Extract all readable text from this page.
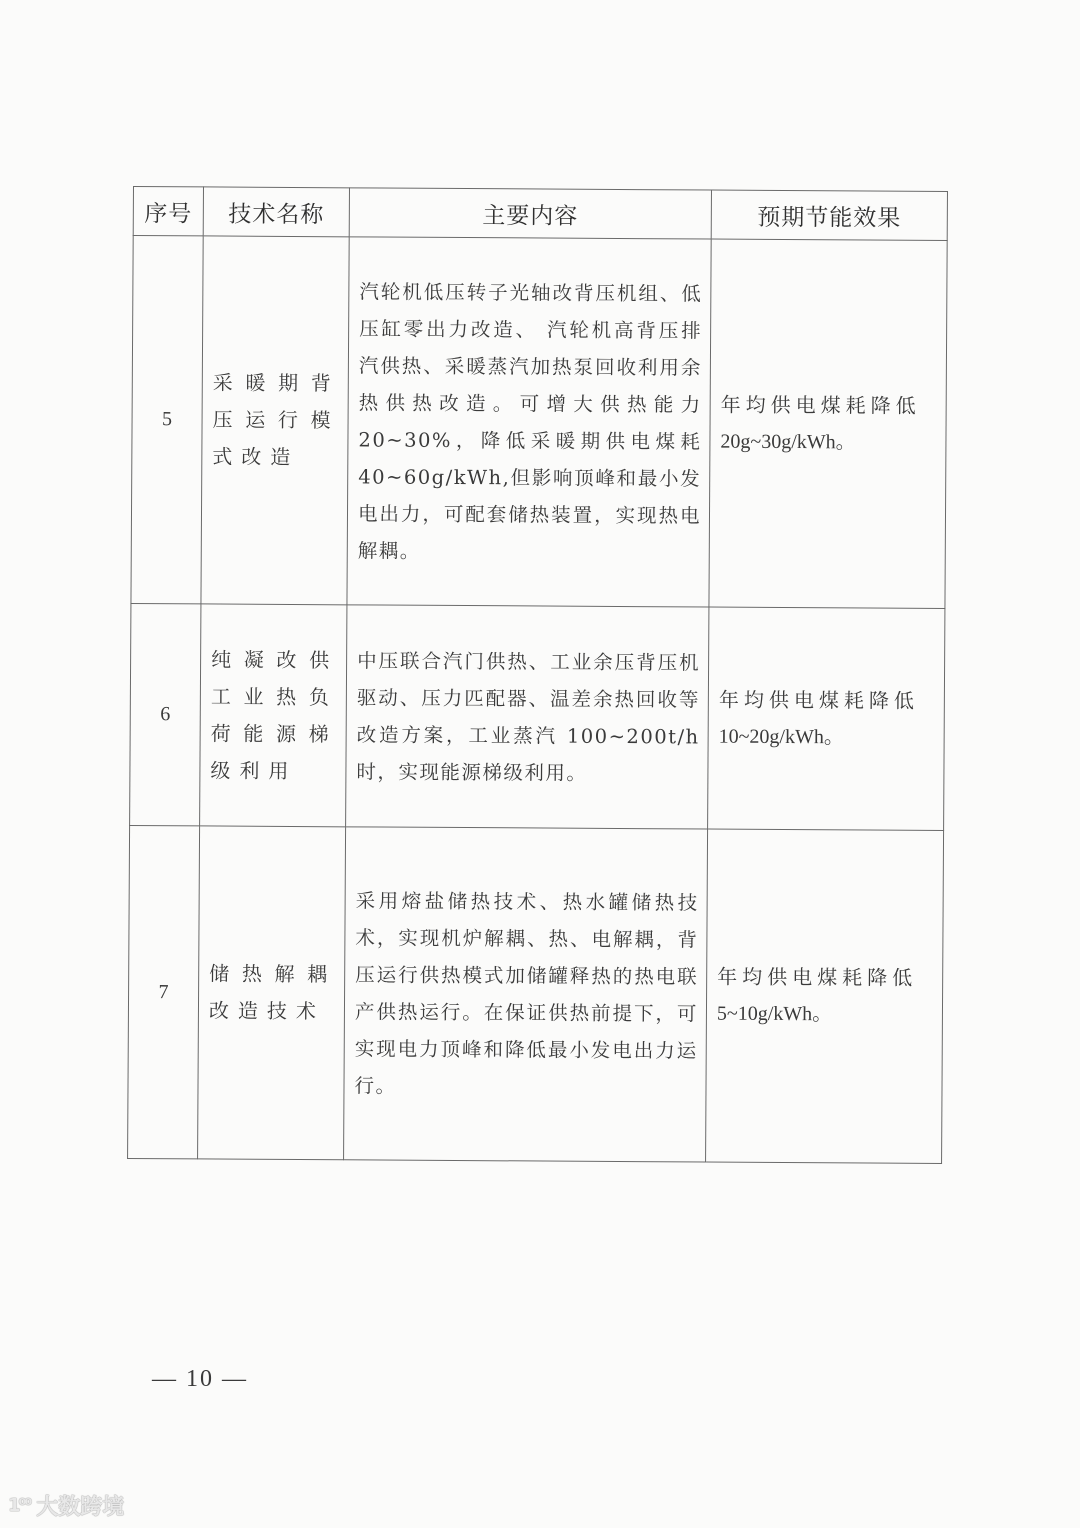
序号	技术名称	主要内容	预期节能效果
5	采暖期背压运行模式改造	汽轮机低压转子光轴改背压机组、低压缸零出力改造、 汽轮机高背压排汽供热、采暖蒸汽加热泵回收利用余热供热改造。可增大供热能力20~30%，降低采暖期供电煤耗40~60g/kWh,但影响顶峰和最小发电出力，可配套储热装置，实现热电解耦。	年均供电煤耗降低
20g~30g/kWh。

6	纯凝改供工业热负荷能源梯级利用	中压联合汽门供热、工业余压背压机驱动、压力匹配器、温差余热回收等改造方案，工业蒸汽 100~200t/h 时，实现能源梯级利用。	年均供电煤耗降低
10~20g/kWh。

7	储热解耦改造技术	采用熔盐储热技术、热水罐储热技术，实现机炉解耦、热、电解耦，背压运行供热模式加储罐释热的热电联产供热运行。在保证供热前提下，可实现电力顶峰和降低最小发电出力运行。	年均供电煤耗降低
5~10g/kWh。
— 10 —
1⁰⁰ 大数跨境
